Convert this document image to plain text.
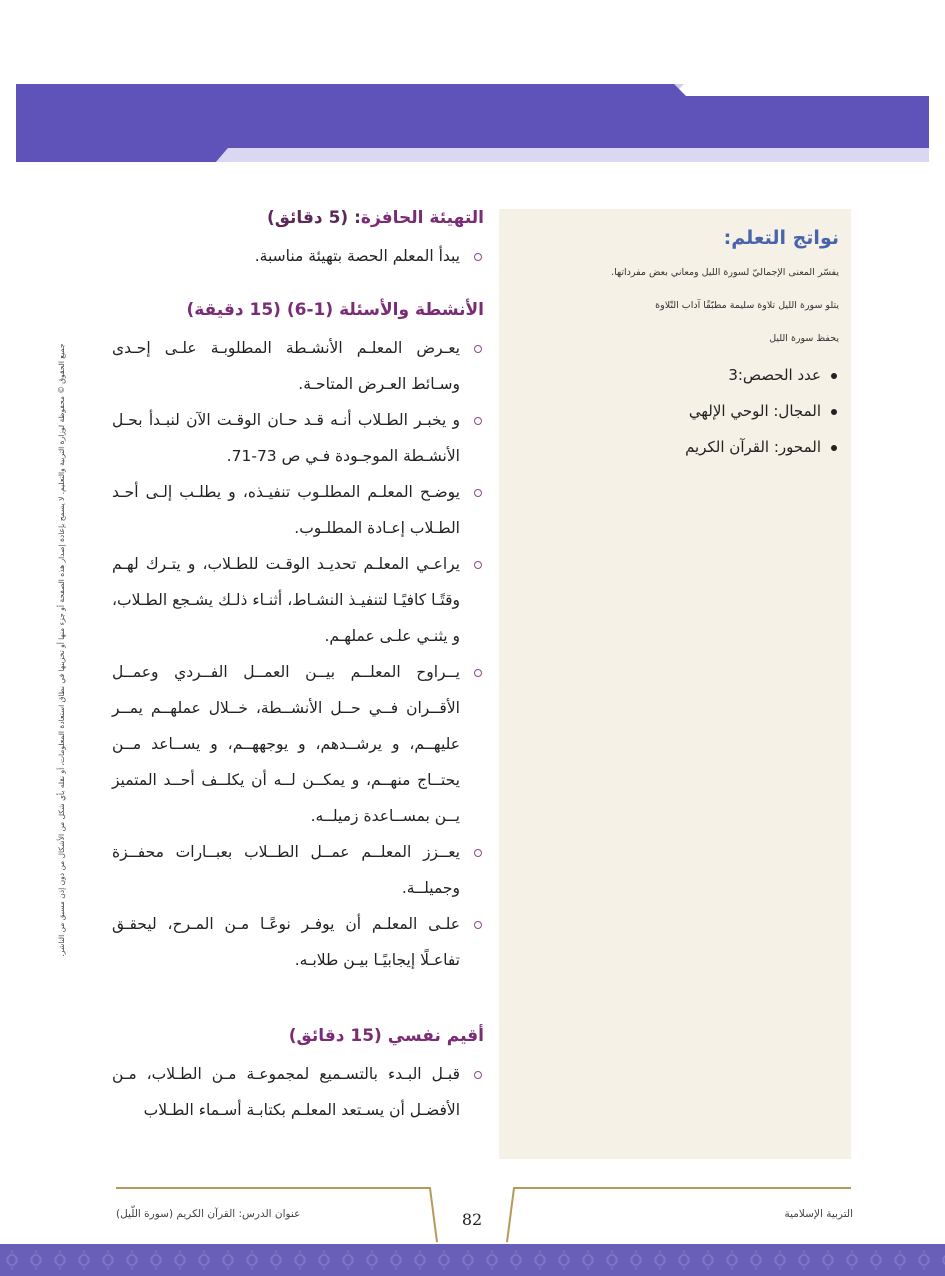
جميع الحقوق © محفوظة لوزارة التربية والتعليم. لا يسمح بإعادة إصدار هذه الصفحة أو جزء منها أو تخزينها في نطاق استعادة المعلومات، أو نقله بأي شكل من الأشكال من دون إذن مسبق من الناشر.
نواتج التعلم:

يفسّر المعنى الإجماليّ لسورة الليل ومعاني بعض مفرداتها.

يتلو سورة الليل تلاوة سليمة مطبّقًا آداب التّلاوة

يحفظ سورة الليل

عدد الحصص:3
المجال: الوحي الإلهي
المحور: القرآن الكريم
التهيئة الحافزة: (5 دقائق)
يبدأ المعلم الحصة بتهيئة مناسبة.
الأنشطة والأسئلة (1-6) (15 دقيقة)
يعـرض المعلـم الأنشـطة المطلوبـة علـى إحـدى وسـائط العـرض المتاحـة.
و يخبـر الطـلاب أنـه قـد حـان الوقـت الآن لنبـدأ بحـل الأنشـطة الموجـودة فـي ص 73-71.
يوضـح المعلـم المطلـوب تنفيـذه، و يطلـب إلـى أحـد الطـلاب إعـادة المطلـوب.
يراعـي المعلـم تحديـد الوقـت للطـلاب، و يتـرك لهـم وقتًـا كافيًـا لتنفيـذ النشـاط، أثنـاء ذلـك يشـجع الطـلاب، و يثنـي علـى عملهـم.
يــراوح المعلــم بيــن العمــل الفــردي وعمــل الأقــران فــي حــل الأنشــطة، خــلال عملهــم يمــر عليهــم، و يرشــدهم، و يوجههــم، و يســاعد مــن يحتــاج منهــم، و يمكــن لــه أن يكلــف أحــد المتميز يــن بمســاعدة زميلــه.
يعــزز المعلــم عمــل الطــلاب بعبــارات محفــزة وجميلــة.
علـى المعلـم أن يوفـر نوعًـا مـن المـرح، ليحقـق تفاعـلًا إيجابيًـا بيـن طلابـه.
أقيم نفسي (15 دقائق)
قبـل البـدء بالتسـميع لمجموعـة مـن الطـلاب، مـن الأفضـل أن يسـتعد المعلـم بكتابـة أسـماء الطـلاب
عنوان الدرس: القرآن الكريم (سورة اللّيل)	82	التربية الإسلامية
